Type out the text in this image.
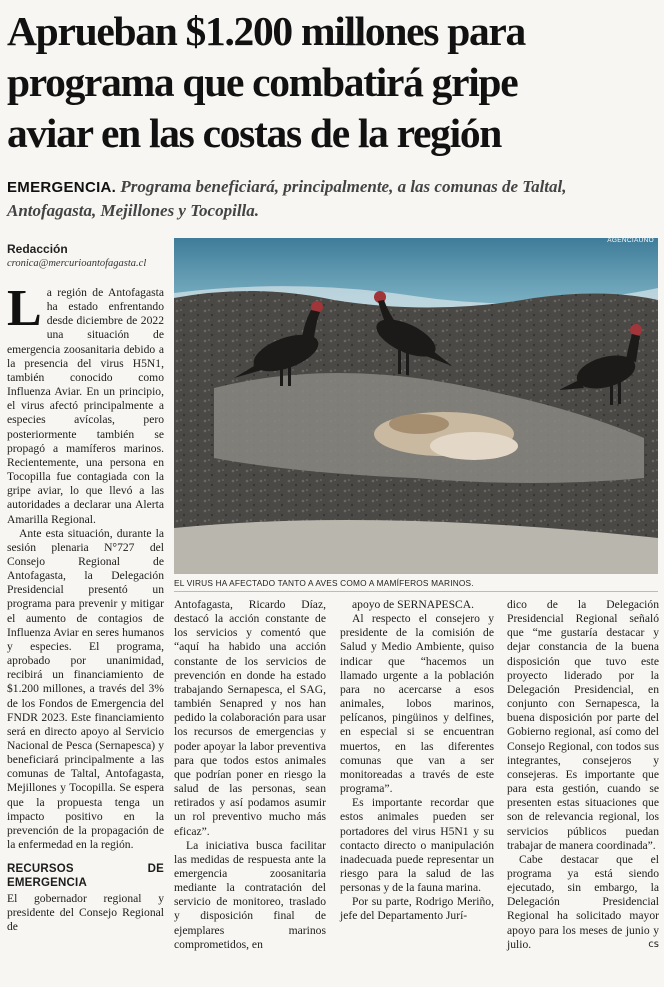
Aprueban $1.200 millones para
programa que combatirá gripe
aviar en las costas de la región
EMERGENCIA. Programa beneficiará, principalmente, a las comunas de Taltal, Antofagasta, Mejillones y Tocopilla.
Redacción
cronica@mercurioantofagasta.cl
AGENCIAUNO
EL VIRUS HA AFECTADO TANTO A AVES COMO A MAMÍFEROS MARINOS.

La región de Antofagasta ha estado enfrentando desde diciembre de 2022 una situación de emergencia zoosanitaria debido a la presencia del virus H5N1, también conocido como Influenza Aviar. En un principio, el virus afectó principalmente a especies avícolas, pero posteriormente también se propagó a mamíferos marinos. Recientemente, una persona en Tocopilla fue contagiada con la gripe aviar, lo que llevó a las autoridades a declarar una Alerta Amarilla Regional.

Ante esta situación, durante la sesión plenaria N°727 del Consejo Regional de Antofagasta, la Delegación Presidencial presentó un programa para prevenir y mitigar el aumento de contagios de Influenza Aviar en seres humanos y especies. El programa, aprobado por unanimidad, recibirá un financiamiento de $1.200 millones, a través del 3% de los Fondos de Emergencia del FNDR 2023. Este financiamiento será en directo apoyo al Servicio Nacional de Pesca (Sernapesca) y beneficiará principalmente a las comunas de Taltal, Antofagasta, Mejillones y Tocopilla. Se espera que la propuesta tenga un impacto positivo en la prevención de la propagación de la enfermedad en la región.

RECURSOS DE EMERGENCIA

El gobernador regional y presidente del Consejo Regional de

Antofagasta, Ricardo Díaz, destacó la acción constante de los servicios y comentó que “aquí ha habido una acción constante de los servicios de prevención en donde ha estado trabajando Sernapesca, el SAG, también Senapred y nos han pedido la colaboración para usar los recursos de emergencias y poder apoyar la labor preventiva para que todos estos animales que podrían poner en riesgo la salud de las personas, sean retirados y así podamos asumir un rol preventivo mucho más eficaz”.

La iniciativa busca facilitar las medidas de respuesta ante la emergencia zoosanitaria mediante la contratación del servicio de monitoreo, traslado y disposición final de ejemplares marinos comprometidos, en

apoyo de SERNAPESCA.

Al respecto el consejero y presidente de la comisión de Salud y Medio Ambiente, quiso indicar que “hacemos un llamado urgente a la población para no acercarse a esos animales, lobos marinos, pelícanos, pingüinos y delfines, en especial si se encuentran muertos, en las diferentes comunas que van a ser monitoreadas a través de este programa”.

Es importante recordar que estos animales pueden ser portadores del virus H5N1 y su contacto directo o manipulación inadecuada puede representar un riesgo para la salud de las personas y de la fauna marina.

Por su parte, Rodrigo Meriño, jefe del Departamento Jurí-

dico de la Delegación Presidencial Regional señaló que “me gustaría destacar y dejar constancia de la buena disposición que tuvo este proyecto liderado por la Delegación Presidencial, en conjunto con Sernapesca, la buena disposición por parte del Gobierno regional, así como del Consejo Regional, con todos sus integrantes, consejeros y consejeras. Es importante que para esta gestión, cuando se presenten estas situaciones que son de relevancia regional, los servicios públicos puedan trabajar de manera coordinada”.

Cabe destacar que el programa ya está siendo ejecutado, sin embargo, la Delegación Presidencial Regional ha solicitado mayor apoyo para los meses de junio y julio.	cs
